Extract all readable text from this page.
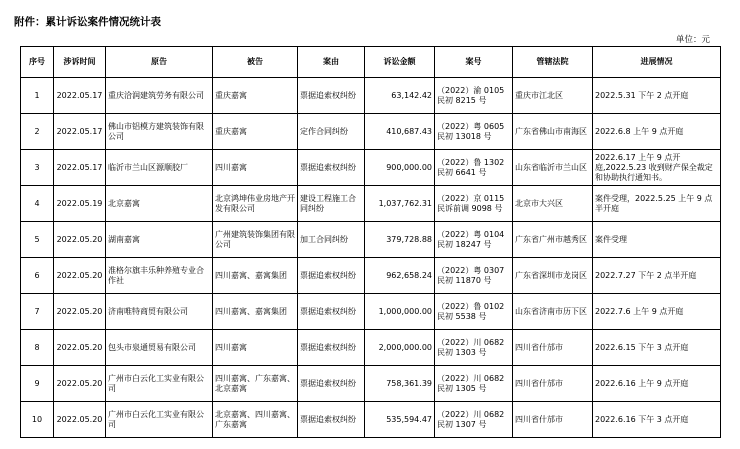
附件：累计诉讼案件情况统计表
单位：元
序号	涉诉时间	原告	被告	案由	诉讼金额	案号	管辖法院	进展情况
1	2022.05.17	重庆洽润建筑劳务有限公司	重庆嘉寓	票据追索权纠纷	63,142.42	（2022）渝 0105 民初 8215 号	重庆市江北区	2022.5.31 下午 2 点开庭
2	2022.05.17	佛山市铝模方建筑装饰有限公司	重庆嘉寓	定作合同纠纷	410,687.43	（2022）粤 0605 民初 13018 号	广东省佛山市南海区	2022.6.8 上午 9 点开庭
3	2022.05.17	临沂市兰山区源顺胶厂	四川嘉寓	票据追索权纠纷	900,000.00	（2022）鲁 1302 民初 6641 号	山东省临沂市兰山区	2022.6.17 上午 9 点开庭,2022.5.23 收到财产保全裁定和协助执行通知书。
4	2022.05.19	北京嘉寓	北京鸿坤伟业房地产开发有限公司	建设工程施工合同纠纷	1,037,762.31	（2022）京 0115 民诉前调 9098 号	北京市大兴区	案件受理，2022.5.25 上午 9 点半开庭
5	2022.05.20	湖南嘉寓	广州建筑装饰集团有限公司	加工合同纠纷	379,728.88	（2022）粤 0104 民初 18247 号	广东省广州市越秀区	案件受理
6	2022.05.20	准格尔旗丰乐种养殖专业合作社	四川嘉寓、嘉寓集团	票据追索权纠纷	962,658.24	（2022）粤 0307 民初 11870 号	广东省深圳市龙岗区	2022.7.27 下午 2 点半开庭
7	2022.05.20	济南唯特商贸有限公司	四川嘉寓、嘉寓集团	票据追索权纠纷	1,000,000.00	（2022）鲁 0102 民初 5538 号	山东省济南市历下区	2022.7.6 上午 9 点开庭
8	2022.05.20	包头市泉通贸易有限公司	四川嘉寓	票据追索权纠纷	2,000,000.00	（2022）川 0682 民初 1303 号	四川省什邡市	2022.6.15 下午 3 点开庭
9	2022.05.20	广州市白云化工实业有限公司	四川嘉寓、广东嘉寓、北京嘉寓	票据追索权纠纷	758,361.39	（2022）川 0682 民初 1305 号	四川省什邡市	2022.6.16 上午 9 点开庭
10	2022.05.20	广州市白云化工实业有限公司	北京嘉寓、四川嘉寓、广东嘉寓	票据追索权纠纷	535,594.47	（2022）川 0682 民初 1307 号	四川省什邡市	2022.6.16 下午 3 点开庭
